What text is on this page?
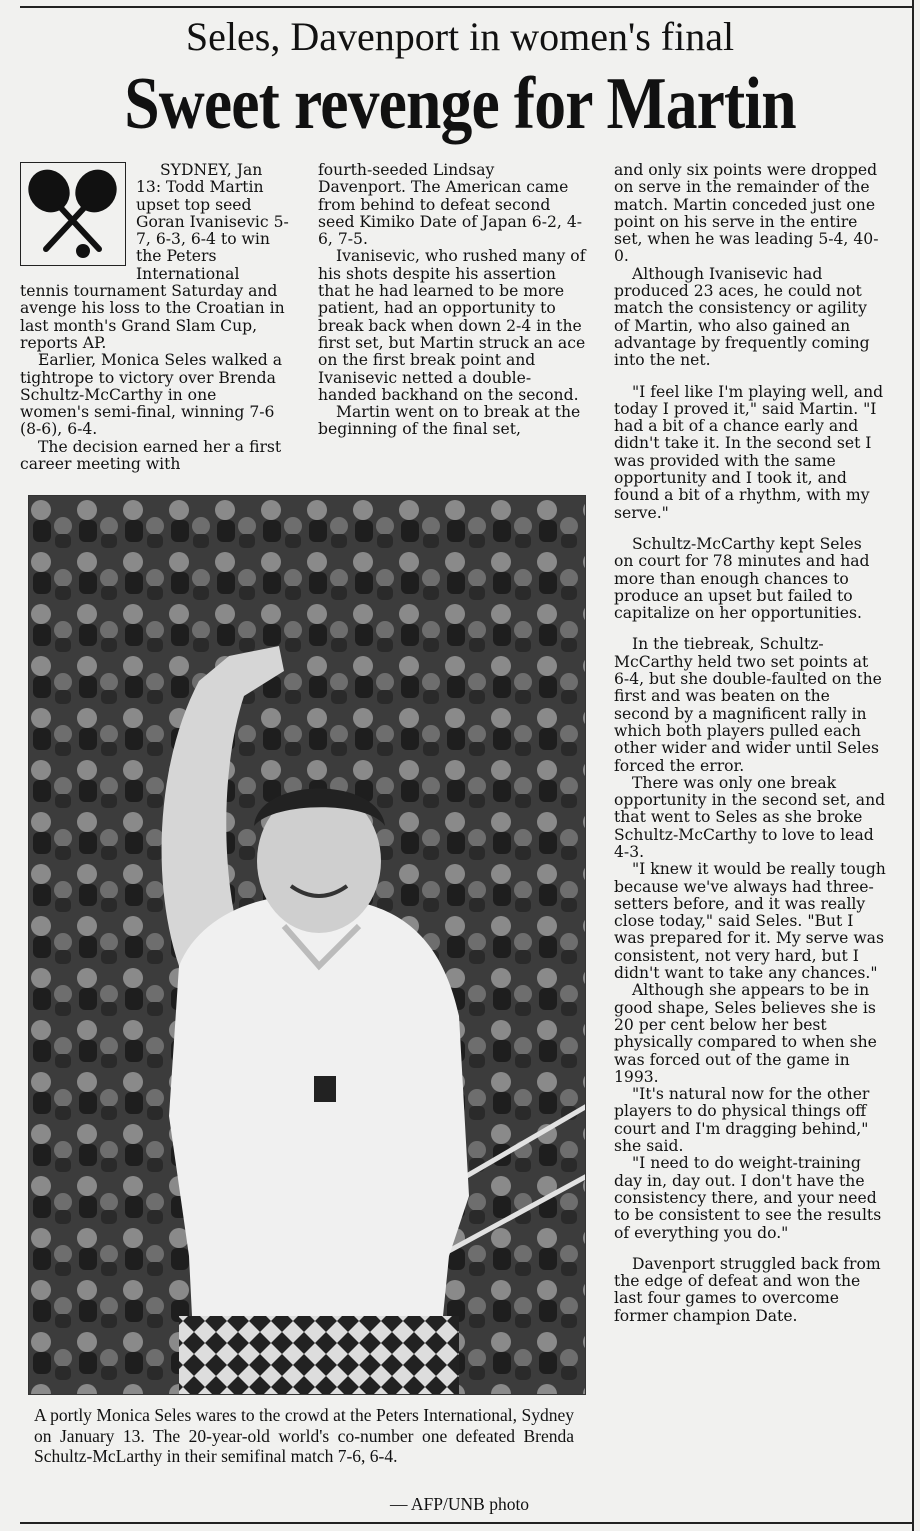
Seles, Davenport in women's final
Sweet revenge for Martin

SYDNEY, Jan 13: Todd Martin upset top seed Goran Ivanisevic 5-7, 6-3, 6-4 to win the Peters International tennis tournament Saturday and avenge his loss to the Croatian in last month's Grand Slam Cup, reports AP.

Earlier, Monica Seles walked a tightrope to victory over Brenda Schultz-McCarthy in one women's semi-final, winning 7-6 (8-6), 6-4.

The decision earned her a first career meeting with

fourth-seeded Lindsay Davenport. The American came from behind to defeat second seed Kimiko Date of Japan 6-2, 4-6, 7-5.

Ivanisevic, who rushed many of his shots despite his assertion that he had learned to be more patient, had an opportunity to break back when down 2-4 in the first set, but Martin struck an ace on the first break point and Ivanisevic netted a double-handed backhand on the second.

Martin went on to break at the beginning of the final set,

and only six points were dropped on serve in the remainder of the match. Martin conceded just one point on his serve in the entire set, when he was leading 5-4, 40-0.

Although Ivanisevic had produced 23 aces, he could not match the consistency or agility of Martin, who also gained an advantage by frequently coming into the net.

"I feel like I'm playing well, and today I proved it," said Martin. "I had a bit of a chance early and didn't take it. In the second set I was provided with the same opportunity and I took it, and found a bit of a rhythm, with my serve."

Schultz-McCarthy kept Seles on court for 78 minutes and had more than enough chances to produce an upset but failed to capitalize on her opportunities.

In the tiebreak, Schultz-McCarthy held two set points at 6-4, but she double-faulted on the first and was beaten on the second by a magnificent rally in which both players pulled each other wider and wider until Seles forced the error.

There was only one break opportunity in the second set, and that went to Seles as she broke Schultz-McCarthy to love to lead 4-3.

"I knew it would be really tough because we've always had three-setters before, and it was really close today," said Seles. "But I was prepared for it. My serve was consistent, not very hard, but I didn't want to take any chances."

Although she appears to be in good shape, Seles believes she is 20 per cent below her best physically compared to when she was forced out of the game in 1993.

"It's natural now for the other players to do physical things off court and I'm dragging behind," she said.

"I need to do weight-training day in, day out. I don't have the consistency there, and your need to be consistent to see the results of everything you do."

Davenport struggled back from the edge of defeat and won the last four games to overcome former champion Date.

A portly Monica Seles wares to the crowd at the Peters International, Sydney on January 13. The 20-year-old world's co-number one defeated Brenda Schultz-McLarthy in their semifinal match 7-6, 6-4.
— AFP/UNB photo
